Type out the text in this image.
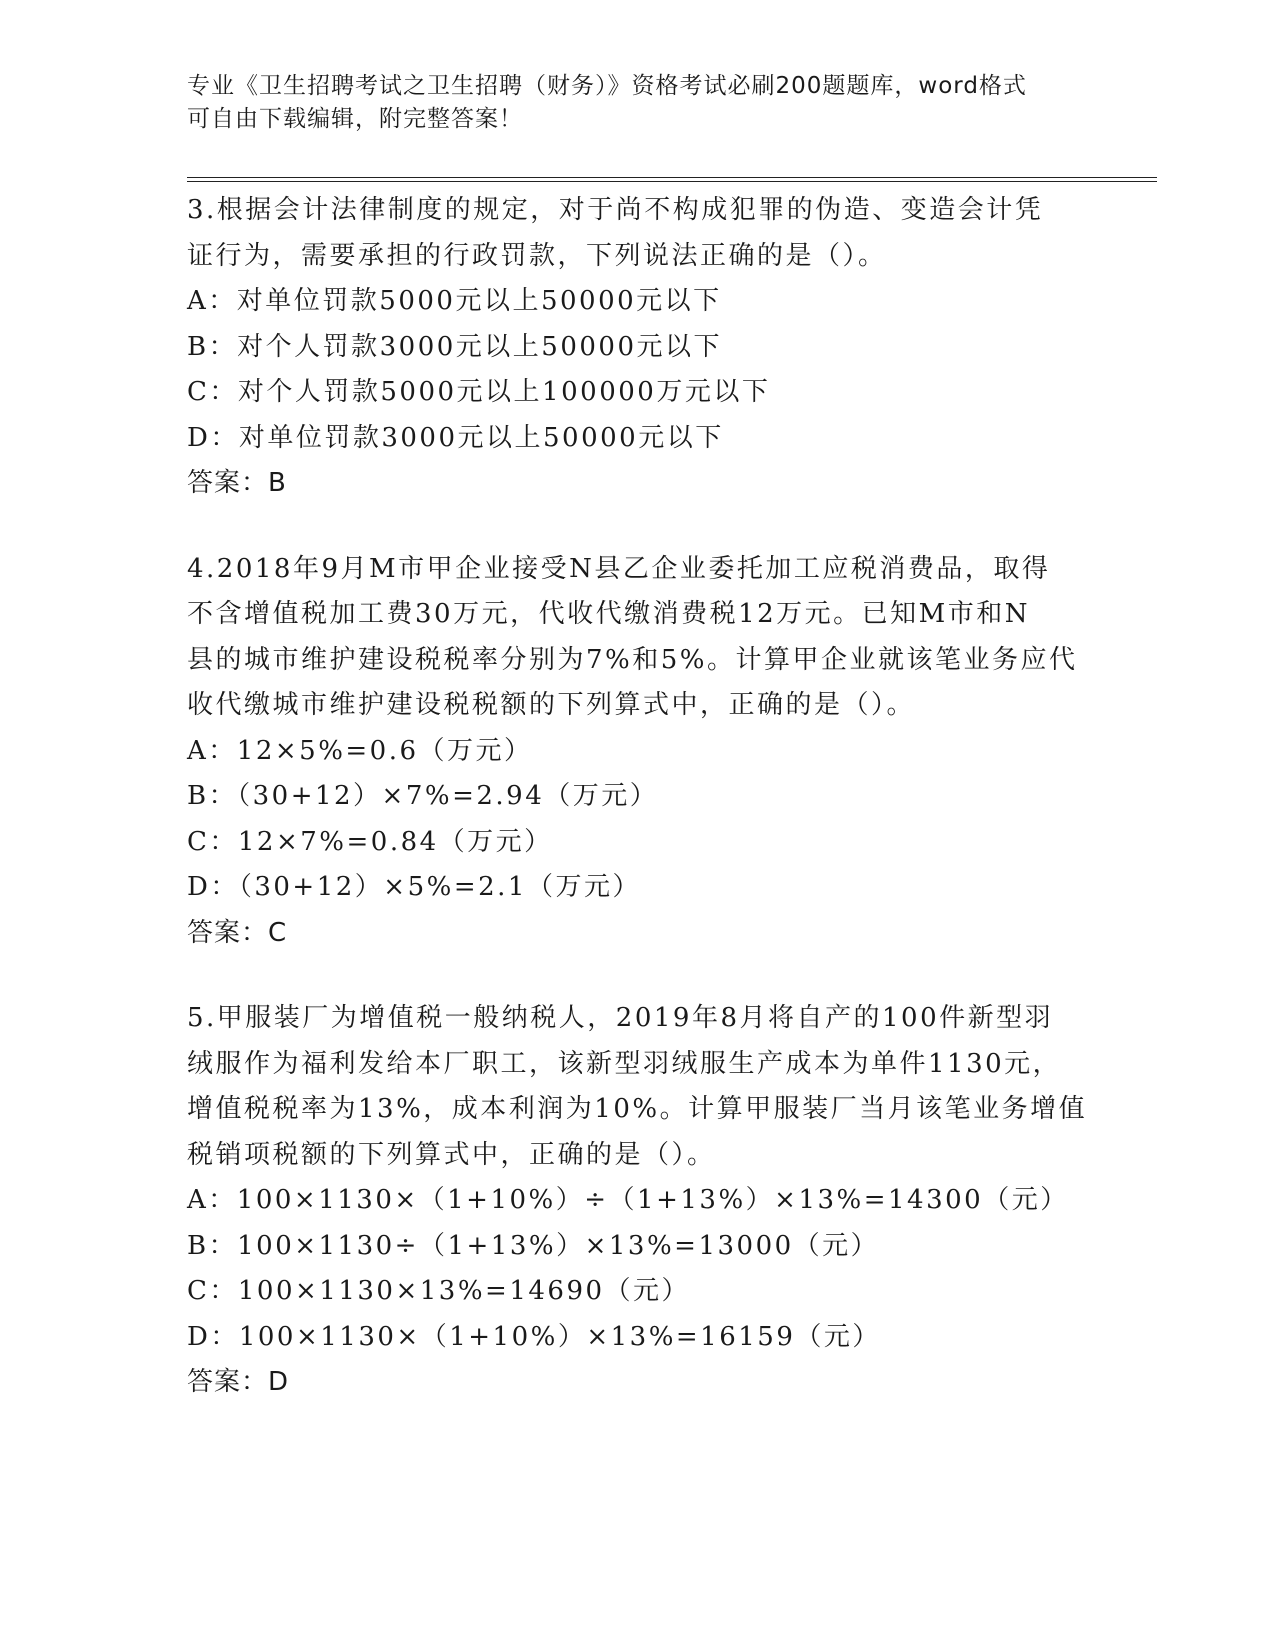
专业《卫生招聘考试之卫生招聘（财务）》资格考试必刷200题题库，word格式
可自由下载编辑，附完整答案！
3.根据会计法律制度的规定，对于尚不构成犯罪的伪造、变造会计凭
证行为，需要承担的行政罚款，下列说法正确的是（）。
A：对单位罚款5000元以上50000元以下
B：对个人罚款3000元以上50000元以下
C：对个人罚款5000元以上100000万元以下
D：对单位罚款3000元以上50000元以下
答案：B
4.2018年9月M市甲企业接受N县乙企业委托加工应税消费品，取得
不含增值税加工费30万元，代收代缴消费税12万元。已知M市和N
县的城市维护建设税税率分别为7%和5%。计算甲企业就该笔业务应代
收代缴城市维护建设税税额的下列算式中，正确的是（）。
A：12×5%=0.6（万元）
B：（30+12）×7%=2.94（万元）
C：12×7%=0.84（万元）
D：（30+12）×5%=2.1（万元）
答案：C
5.甲服装厂为增值税一般纳税人，2019年8月将自产的100件新型羽
绒服作为福利发给本厂职工，该新型羽绒服生产成本为单件1130元，
增值税税率为13%，成本利润为10%。计算甲服装厂当月该笔业务增值
税销项税额的下列算式中，正确的是（）。
A：100×1130×（1+10%）÷（1+13%）×13%=14300（元）
B：100×1130÷（1+13%）×13%=13000（元）
C：100×1130×13%=14690（元）
D：100×1130×（1+10%）×13%=16159（元）
答案：D
